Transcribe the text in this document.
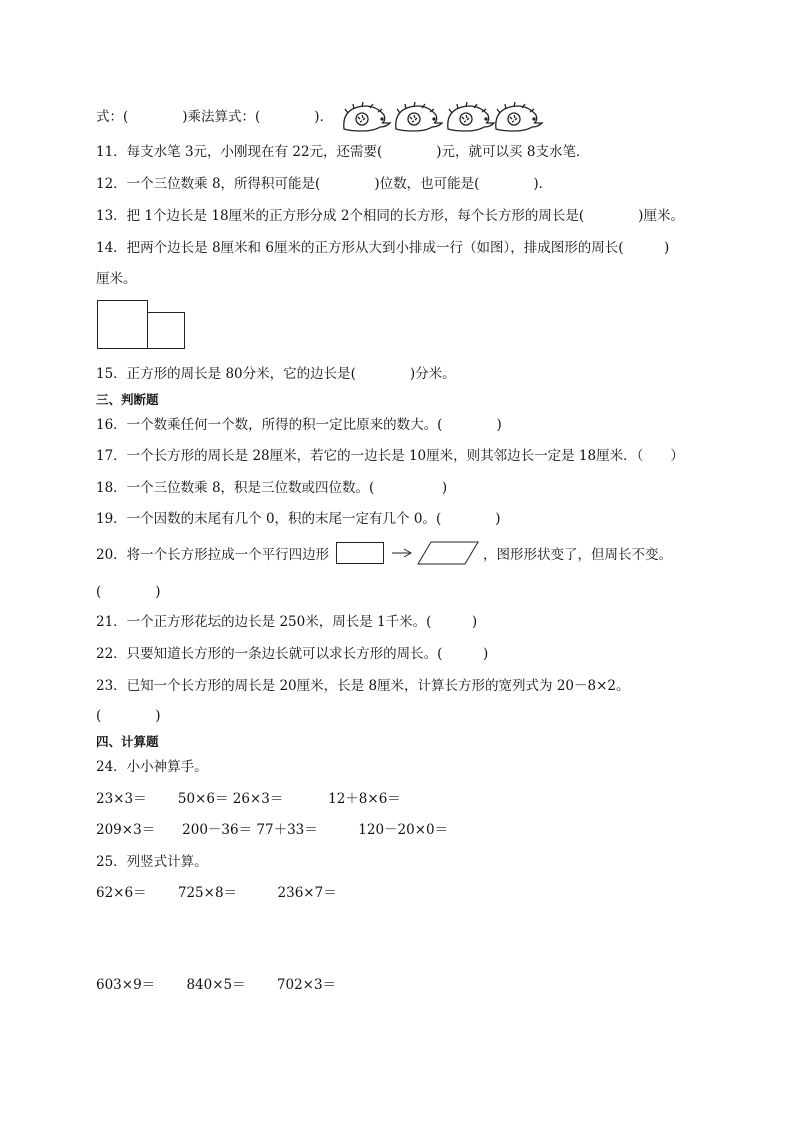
式：(　　　　)乘法算式：(　　　　)．
11．每支水笔 3元，小刚现在有 22元，还需要(　　　　)元，就可以买 8支水笔．
12．一个三位数乘 8，所得积可能是(　　　　)位数，也可能是(　　　　)．
13．把 1个边长是 18厘米的正方形分成 2个相同的长方形，每个长方形的周长是(　　　　)厘米。
14．把两个边长是 8厘米和 6厘米的正方形从大到小排成一行（如图），排成图形的周长(　　　)
厘米。
15．正方形的周长是 80分米，它的边长是(　　　　)分米。
三、判断题
16．一个数乘任何一个数，所得的积一定比原来的数大。(　　　　)
17．一个长方形的周长是 28厘米，若它的一边长是 10厘米，则其邻边长一定是 18厘米．（　　）
18．一个三位数乘 8，积是三位数或四位数。(　　　　　)
19．一个因数的末尾有几个 0，积的末尾一定有几个 0。(　　　　)
20．将一个长方形拉成一个平行四边形	，图形形状变了，但周长不变。
(　　　　)
21．一个正方形花坛的边长是 250米，周长是 1千米。(　　　)
22．只要知道长方形的一条边长就可以求长方形的周长。(　　　)
23．已知一个长方形的周长是 20厘米，长是 8厘米，计算长方形的宽列式为 20－8×2。
(　　　　)
四、计算题
24．小小神算手。
23×3＝　　 50×6＝ 26×3＝　　　 12＋8×6＝
209×3＝　　200－36＝ 77＋33＝　　　120－20×0＝
25．列竖式计算。
62×6＝　　 725×8＝　　　236×7＝
603×9＝　　 840×5＝　　 702×3＝
